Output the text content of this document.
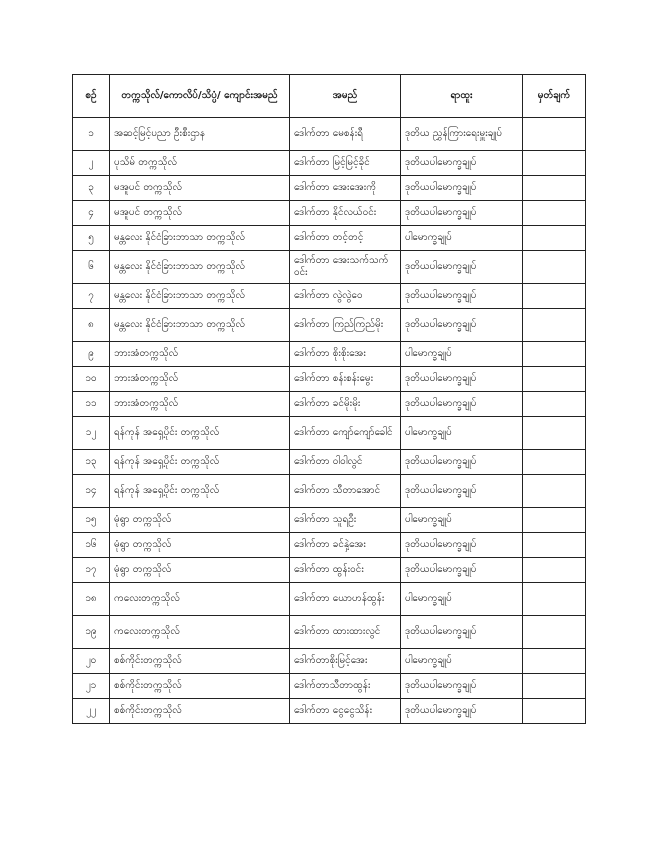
စဉ်	တက္ကသိုလ်/ကောလိပ်/သိပ္ပံ/ ကျောင်းအမည်	အမည်	ရာထူး	မှတ်ချက်
၁	အဆင့်မြင့်ပညာ ဦးစီးဌာန	ဒေါက်တာ မေစန်းရီ	ဒုတိယ ညွှန်ကြားရေးမှူးချုပ်	
၂	ပုသိမ် တက္ကသိုလ်	ဒေါက်တာ မြင့်မြင့်ခိုင်	ဒုတိယပါမောက္ခချုပ်	
၃	မအူပင် တက္ကသိုလ်	ဒေါက်တာ အေးအေးကို	ဒုတိယပါမောက္ခချုပ်	
၄	မအူပင် တက္ကသိုလ်	ဒေါက်တာ နိုင်လယ်ဝင်း	ဒုတိယပါမောက္ခချုပ်	
၅	မန္တလေး နိုင်ငံခြားဘာသာ တက္ကသိုလ်	ဒေါက်တာ တင့်တင့်	ပါမောက္ခချုပ်	
၆	မန္တလေး နိုင်ငံခြားဘာသာ တက္ကသိုလ်	ဒေါက်တာ အေးသက်သက်ဝင်း	ဒုတိယပါမောက္ခချုပ်	
၇	မန္တလေး နိုင်ငံခြားဘာသာ တက္ကသိုလ်	ဒေါက်တာ လွဲလွဲဝေ	ဒုတိယပါမောက္ခချုပ်	
၈	မန္တလေး နိုင်ငံခြားဘာသာ တက္ကသိုလ်	ဒေါက်တာ ကြည်ကြည်မိုး	ဒုတိယပါမောက္ခချုပ်	
၉	ဘားအံတက္ကသိုလ်	ဒေါက်တာ စိုးစိုးအေး	ပါမောက္ခချုပ်	
၁၀	ဘားအံတက္ကသိုလ်	ဒေါက်တာ စန်းစန်းမွေး	ဒုတိယပါမောက္ခချုပ်	
၁၁	ဘားအံတက္ကသိုလ်	ဒေါက်တာ ခင်မိုးမိုး	ဒုတိယပါမောက္ခချုပ်	
၁၂	ရန်ကုန် အရှေ့ပိုင်း တက္ကသိုလ်	ဒေါက်တာ ကျော်ကျော်ခေါင်	ပါမောက္ခချုပ်	
၁၃	ရန်ကုန် အရှေ့ပိုင်း တက္ကသိုလ်	ဒေါက်တာ ဝါဝါလွင်	ဒုတိယပါမောက္ခချုပ်	
၁၄	ရန်ကုန် အရှေ့ပိုင်း တက္ကသိုလ်	ဒေါက်တာ သီတာအောင်	ဒုတိယပါမောက္ခချုပ်	
၁၅	မုံရွာ တက္ကသိုလ်	ဒေါက်တာ သူရဦး	ပါမောက္ခချုပ်	
၁၆	မုံရွာ တက္ကသိုလ်	ဒေါက်တာ ခင်နှဲ့အေး	ဒုတိယပါမောက္ခချုပ်	
၁၇	မုံရွာ တက္ကသိုလ်	ဒေါက်တာ ထွန်းဝင်း	ဒုတိယပါမောက္ခချုပ်	
၁၈	ကလေးတက္ကသိုလ်	ဒေါက်တာ ယောဟန်ထွန်း	ပါမောက္ခချုပ်	
၁၉	ကလေးတက္ကသိုလ်	ဒေါက်တာ ထားထားလွင်	ဒုတိယပါမောက္ခချုပ်	
၂၀	စစ်ကိုင်းတက္ကသိုလ်	ဒေါက်တာစိုးမြင့်အေး	ပါမောက္ခချုပ်	
၂၁	စစ်ကိုင်းတက္ကသိုလ်	ဒေါက်တာသီတာထွန်း	ဒုတိယပါမောက္ခချုပ်	
၂၂	စစ်ကိုင်းတက္ကသိုလ်	ဒေါက်တာ ငွေငွေသိန်း	ဒုတိယပါမောက္ခချုပ်	
